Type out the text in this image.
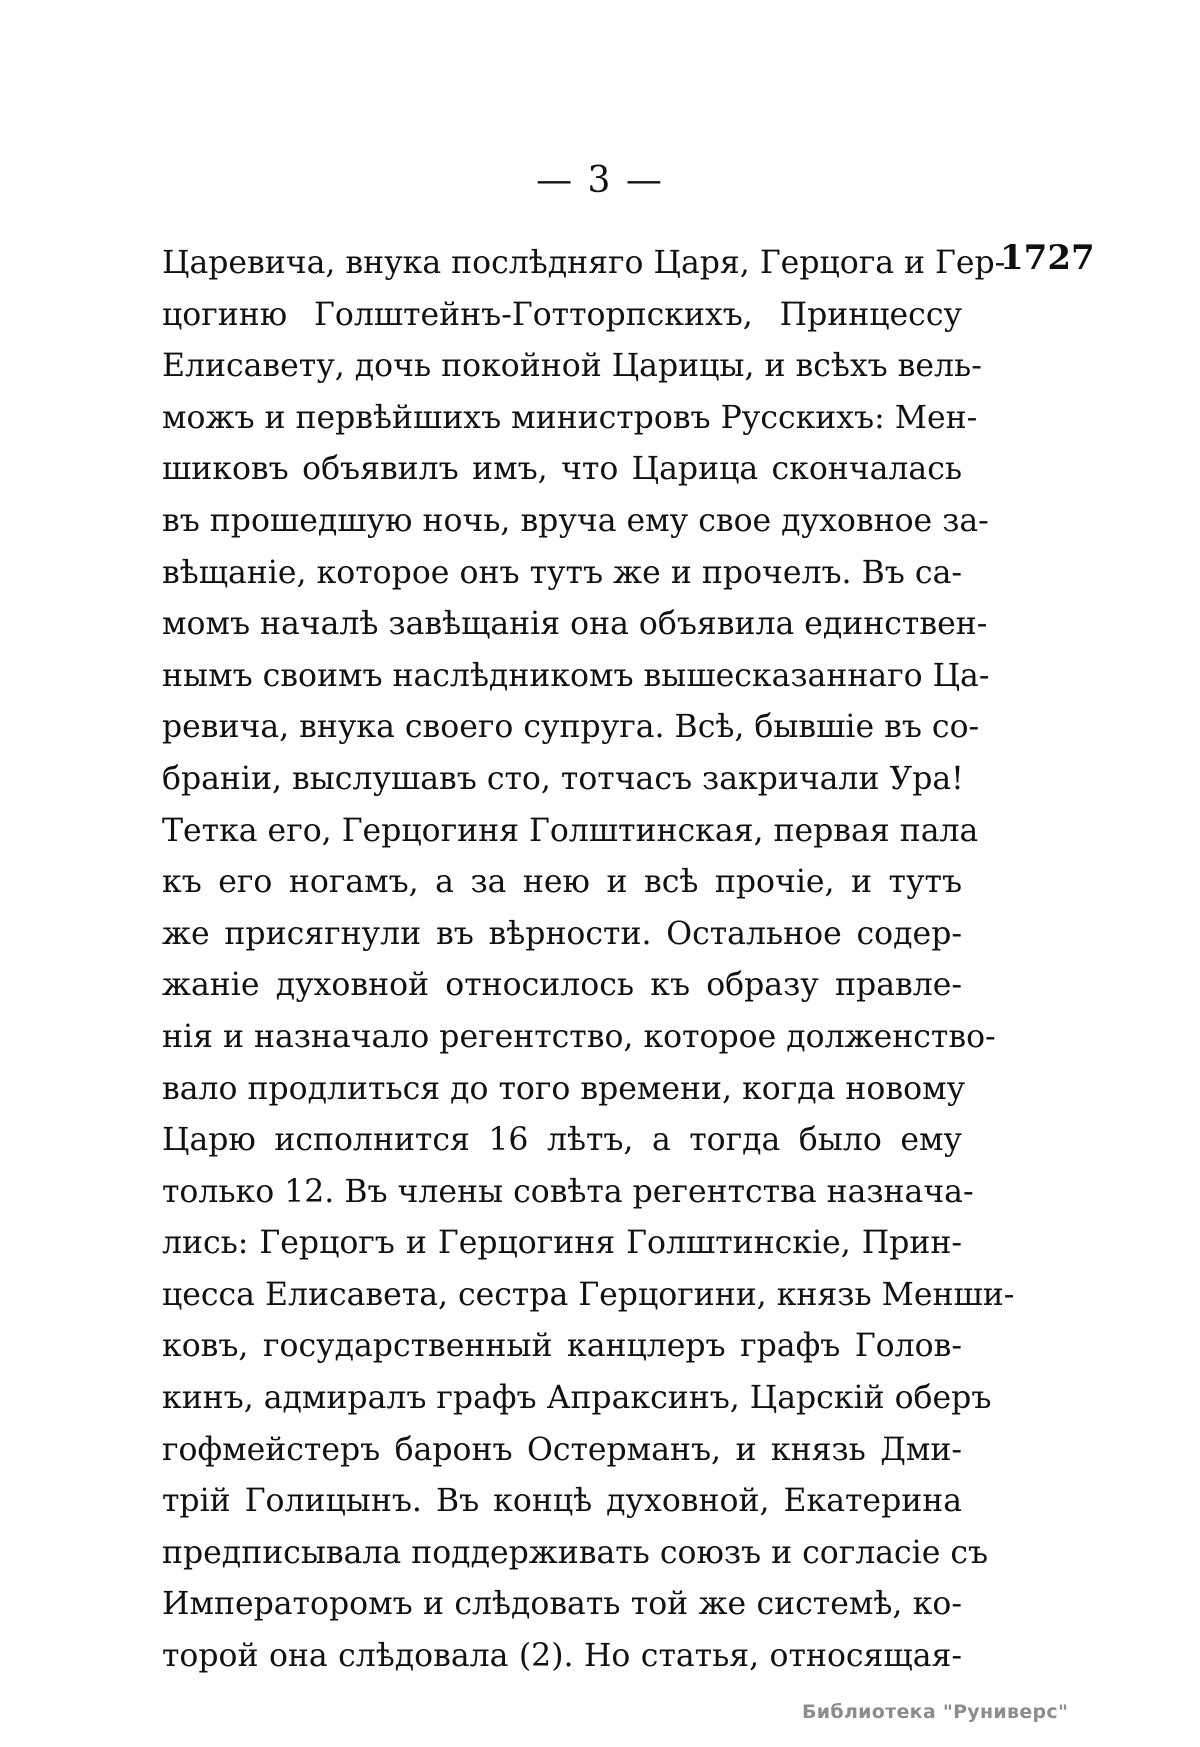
— 3 —
1727
Царевича, внука послѣдняго Царя, Герцога и Гер-
цогиню Голштейнъ-Готторпскихъ, Принцессу
Елисавету, дочь покойной Царицы, и всѣхъ вель-
можъ и первѣйшихъ министровъ Русскихъ: Мен-
шиковъ объявилъ имъ, что Царица скончалась
въ прошедшую ночь, вруча ему свое духовное за-
вѣщаніе, которое онъ тутъ же и прочелъ. Въ са-
момъ началѣ завѣщанія она объявила единствен-
нымъ своимъ наслѣдникомъ вышесказаннаго Ца-
ревича, внука своего супруга. Всѣ, бывшіе въ со-
браніи, выслушавъ сто, тотчасъ закричали Ура!
Тетка его, Герцогиня Голштинская, первая пала
къ его ногамъ, а за нею и всѣ прочіе, и тутъ
же присягнули въ вѣрности. Остальное содер-
жаніе духовной относилось къ образу правле-
нія и назначало регентство, которое долженство-
вало продлиться до того времени, когда новому
Царю исполнится 16 лѣтъ, а тогда было ему
только 12. Въ члены совѣта регентства назнача-
лись: Герцогъ и Герцогиня Голштинскіе, Прин-
цесса Елисавета, сестра Герцогини, князь Менши-
ковъ, государственный канцлеръ графъ Голов-
кинъ, адмиралъ графъ Апраксинъ, Царскій оберъ
гофмейстеръ баронъ Остерманъ, и князь Дми-
трій Голицынъ. Въ концѣ духовной, Екатерина
предписывала поддерживать союзъ и согласіе съ
Императоромъ и слѣдовать той же системѣ, ко-
торой она слѣдовала (2). Но статья, относящая-
Библиотека "Руниверс"
